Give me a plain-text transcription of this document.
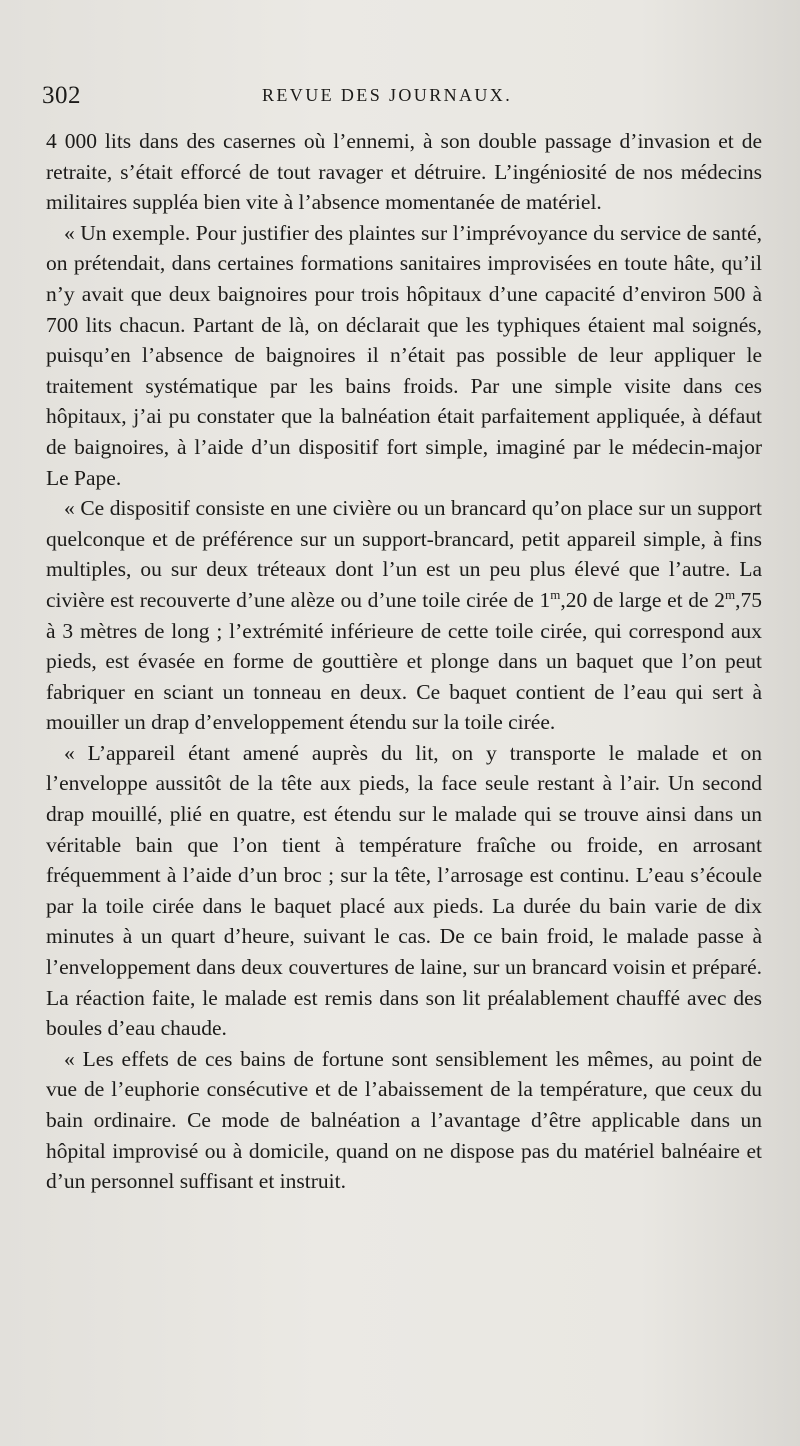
302	REVUE DES JOURNAUX.

4 000 lits dans des casernes où l’ennemi, à son double passage d’invasion et de retraite, s’était efforcé de tout ravager et détruire. L’ingéniosité de nos médecins militaires suppléa bien vite à l’absence momentanée de matériel.

« Un exemple. Pour justifier des plaintes sur l’imprévoyance du service de santé, on prétendait, dans certaines formations sanitaires improvisées en toute hâte, qu’il n’y avait que deux baignoires pour trois hôpitaux d’une capacité d’environ 500 à 700 lits chacun. Partant de là, on déclarait que les typhiques étaient mal soignés, puisqu’en l’absence de baignoires il n’était pas possible de leur appliquer le traitement systématique par les bains froids. Par une simple visite dans ces hôpitaux, j’ai pu constater que la balnéation était parfaitement appliquée, à défaut de baignoires, à l’aide d’un dispositif fort simple, imaginé par le médecin-major Le Pape.

« Ce dispositif consiste en une civière ou un brancard qu’on place sur un support quelconque et de préférence sur un support-brancard, petit appareil simple, à fins multiples, ou sur deux tréteaux dont l’un est un peu plus élevé que l’autre. La civière est recouverte d’une alèze ou d’une toile cirée de 1$^m$,20 de large et de 2$^m$,75 à 3 mètres de long ; l’extrémité inférieure de cette toile cirée, qui correspond aux pieds, est évasée en forme de gouttière et plonge dans un baquet que l’on peut fabriquer en sciant un tonneau en deux. Ce baquet contient de l’eau qui sert à mouiller un drap d’enveloppement étendu sur la toile cirée.

« L’appareil étant amené auprès du lit, on y transporte le malade et on l’enveloppe aussitôt de la tête aux pieds, la face seule restant à l’air. Un second drap mouillé, plié en quatre, est étendu sur le malade qui se trouve ainsi dans un véritable bain que l’on tient à température fraîche ou froide, en arrosant fréquemment à l’aide d’un broc ; sur la tête, l’arrosage est continu. L’eau s’écoule par la toile cirée dans le baquet placé aux pieds. La durée du bain varie de dix minutes à un quart d’heure, suivant le cas. De ce bain froid, le malade passe à l’enveloppement dans deux couvertures de laine, sur un brancard voisin et préparé. La réaction faite, le malade est remis dans son lit préalablement chauffé avec des boules d’eau chaude.

« Les effets de ces bains de fortune sont sensiblement les mêmes, au point de vue de l’euphorie consécutive et de l’abaissement de la température, que ceux du bain ordinaire. Ce mode de balnéation a l’avantage d’être applicable dans un hôpital improvisé ou à domicile, quand on ne dispose pas du matériel balnéaire et d’un personnel suffisant et instruit.
